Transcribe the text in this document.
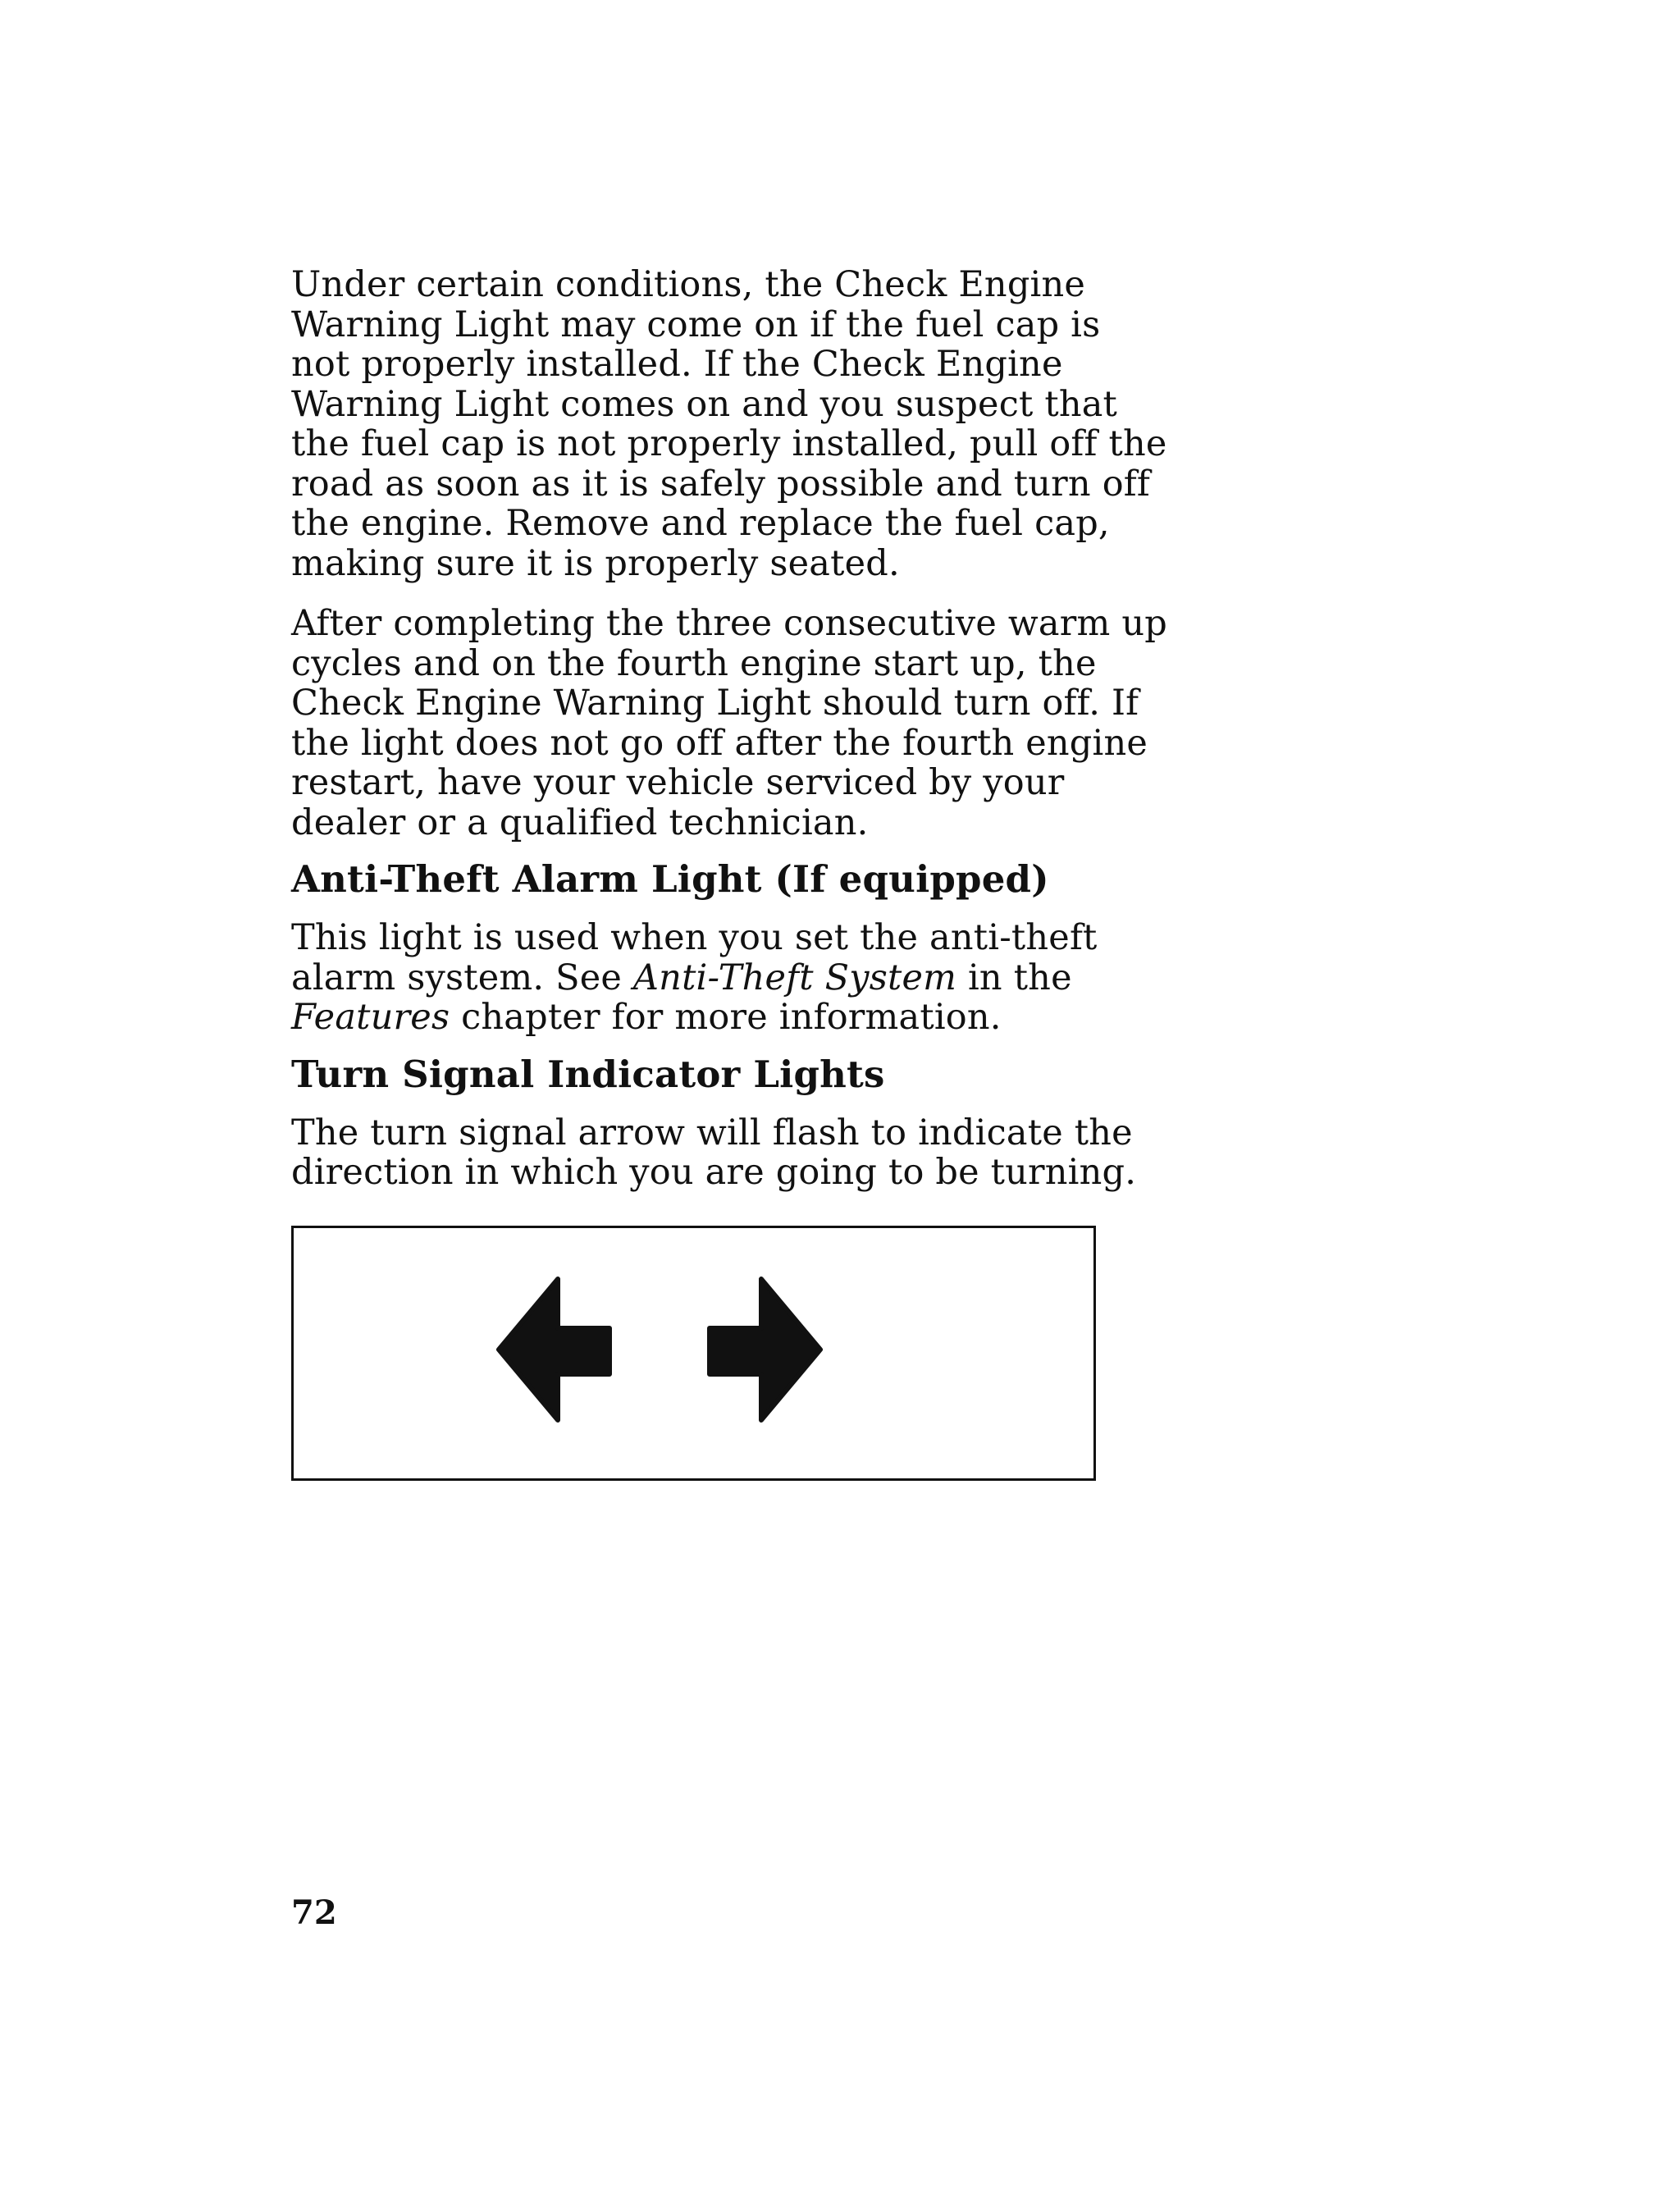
Under certain conditions, the Check Engine
Warning Light may come on if the fuel cap is
not properly installed. If the Check Engine
Warning Light comes on and you suspect that
the fuel cap is not properly installed, pull off the
road as soon as it is safely possible and turn off
the engine. Remove and replace the fuel cap,
making sure it is properly seated.

After completing the three consecutive warm up
cycles and on the fourth engine start up, the
Check Engine Warning Light should turn off. If
the light does not go off after the fourth engine
restart, have your vehicle serviced by your
dealer or a qualified technician.

Anti-Theft Alarm Light (If equipped)

This light is used when you set the anti-theft
alarm system. See Anti-Theft System in the
Features chapter for more information.

Turn Signal Indicator Lights

The turn signal arrow will flash to indicate the
direction in which you are going to be turning.

72
